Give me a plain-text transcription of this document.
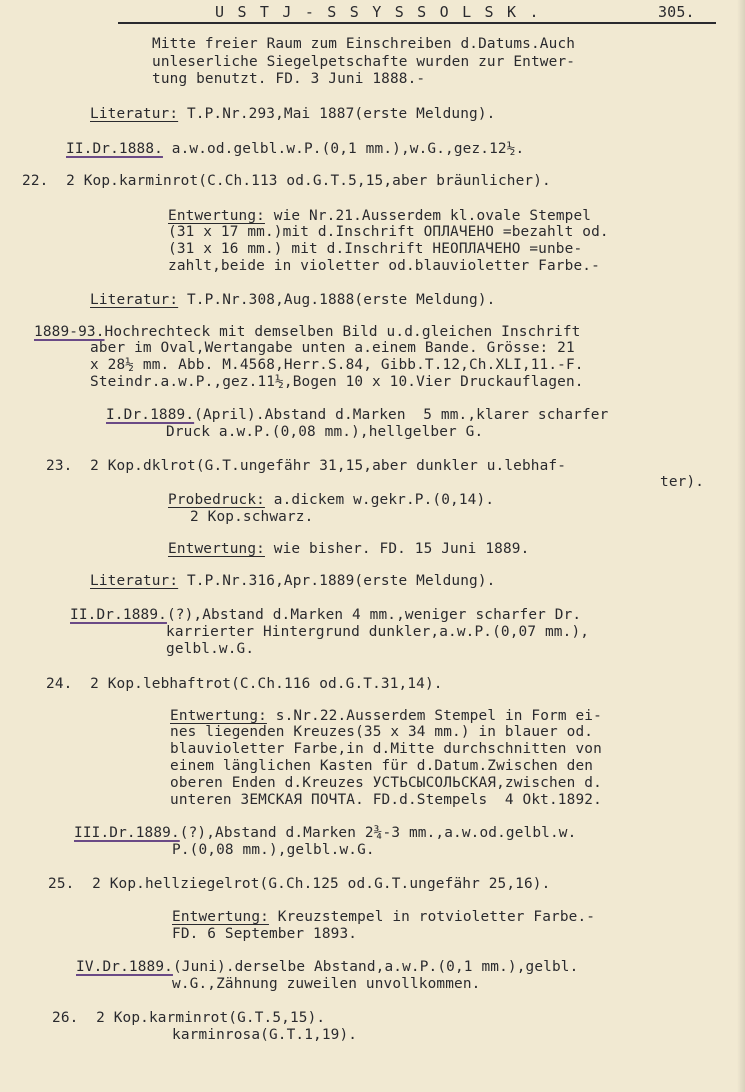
U S T J - S S Y S S O L S K .	305.
Mitte freier Raum zum Einschreiben d.Datums.Auch
unleserliche Siegelpetschafte wurden zur Entwer-
tung benutzt. FD. 3 Juni 1888.-
Literatur: T.P.Nr.293,Mai 1887(erste Meldung).
II.Dr.1888. a.w.od.gelbl.w.P.(0,1 mm.),w.G.,gez.12½.
22.  2 Kop.karminrot(C.Ch.113 od.G.T.5,15,aber bräunlicher).
Entwertung: wie Nr.21.Ausserdem kl.ovale Stempel
(31 x 17 mm.)mit d.Inschrift ОПЛАЧЕНО =bezahlt od.
(31 x 16 mm.) mit d.Inschrift НЕОПЛАЧЕНО =unbe-
zahlt,beide in violetter od.blauvioletter Farbe.-
Literatur: T.P.Nr.308,Aug.1888(erste Meldung).
1889-93.Hochrechteck mit demselben Bild u.d.gleichen Inschrift
aber im Oval,Wertangabe unten a.einem Bande. Grösse: 21
x 28½ mm. Abb. M.4568,Herr.S.84, Gibb.T.12,Ch.XLI,11.-F.
Steindr.a.w.P.,gez.11½,Bogen 10 x 10.Vier Druckauflagen.
I.Dr.1889.(April).Abstand d.Marken  5 mm.,klarer scharfer
Druck a.w.P.(0,08 mm.),hellgelber G.
23.  2 Kop.dklrot(G.T.ungefähr 31,15,aber dunkler u.lebhaf-
ter).
Probedruck: a.dickem w.gekr.P.(0,14).
2 Kop.schwarz.
Entwertung: wie bisher. FD. 15 Juni 1889.
Literatur: T.P.Nr.316,Apr.1889(erste Meldung).
II.Dr.1889.(?),Abstand d.Marken 4 mm.,weniger scharfer Dr.
karrierter Hintergrund dunkler,a.w.P.(0,07 mm.),
gelbl.w.G.
24.  2 Kop.lebhaftrot(C.Ch.116 od.G.T.31,14).
Entwertung: s.Nr.22.Ausserdem Stempel in Form ei-
nes liegenden Kreuzes(35 x 34 mm.) in blauer od.
blauvioletter Farbe,in d.Mitte durchschnitten von
einem länglichen Kasten für d.Datum.Zwischen den
oberen Enden d.Kreuzes УСТЬСЫСОЛЬСКАЯ,zwischen d.
unteren ЗЕМСКАЯ ПОЧТА. FD.d.Stempels  4 Okt.1892.
III.Dr.1889.(?),Abstand d.Marken 2¾-3 mm.,a.w.od.gelbl.w.
P.(0,08 mm.),gelbl.w.G.
25.  2 Kop.hellziegelrot(G.Ch.125 od.G.T.ungefähr 25,16).
Entwertung: Kreuzstempel in rotvioletter Farbe.-
FD. 6 September 1893.
IV.Dr.1889.(Juni).derselbe Abstand,a.w.P.(0,1 mm.),gelbl.
w.G.,Zähnung zuweilen unvollkommen.
26.  2 Kop.karminrot(G.T.5,15).
karminrosa(G.T.1,19).
